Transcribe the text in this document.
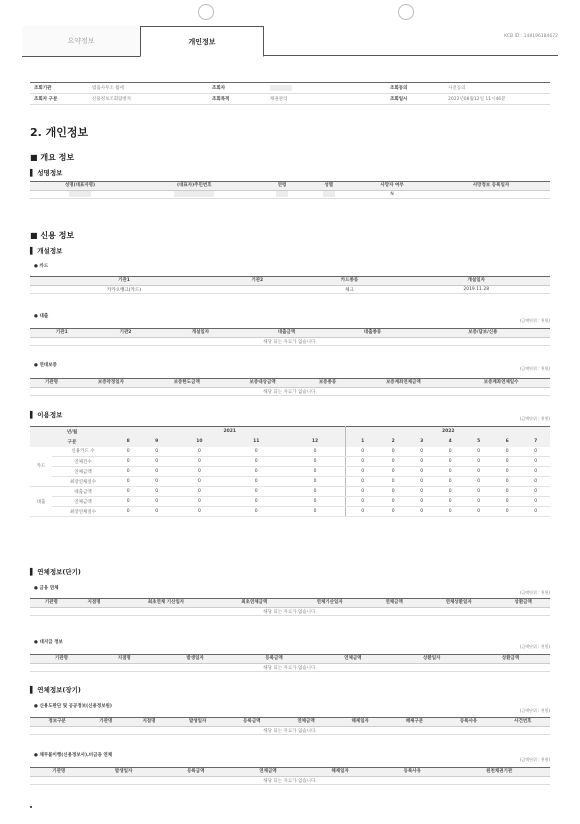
요약정보	개인정보
KCB ID : 148196184672
조회기관	법률사무소 월애	조회자		조회동의	사전동의
조회자 구분	신용정보조회탐방자	조회목적	채권관리	조회일시	2022년08월12일 11시46분
2. 개인정보
■ 개요 정보
▌ 성명정보
성명(대표자명)	(대표자)주민번호	연령	성별	사망자 여부	사망정보 등록일자
				N	
■ 신용 정보
▌ 개설정보
● 카드
기관1	기관2	카드종류	개설일자
카카오뱅크(카드)		체크	2019.11.28
● 대출
(금액단위 : 천원)
기관1	기관2	개설일자	대출금액	대출종류	보증/담보/신용
해당 되는 자료가 없습니다.
● 연대보증
(금액단위 : 천원)
기관명	보증약정일자	보증한도금액	보증대상금액	보증종류	보증계좌연체금액	보증계좌연체일수
해당 되는 자료가 없습니다.
▌ 이용정보	(금액단위 : 천원)
년/월		2021					2022						
구분		8	9	10	11	12	1	2	3	4	5	6	7
카드	신용카드 수	0	0	0	0	0	0	0	0	0	0	0	0
	연체건수	0	0	0	0	0	0	0	0	0	0	0	0
	연체금액	0	0	0	0	0	0	0	0	0	0	0	0
	최장연체일수	0	0	0	0	0	0	0	0	0	0	0	0
대출	대출금액	0	0	0	0	0	0	0	0	0	0	0	0
	연체금액	0	0	0	0	0	0	0	0	0	0	0	0
	최장연체일수	0	0	0	0	0	0	0	0	0	0	0	0
▌ 연체정보(단기)
● 금융 연체
(금액단위 : 천원)
기관명	지점명	최초연체 기산일자	최초연체금액	연체기산일자	연체금액	연체상환일자	상환금액
해당 되는 자료가 없습니다.
● 대지급 정보
(금액단위 : 천원)
기관명	지점명	발생일자	등록금액	연체금액	상환일자	상환금액
해당 되는 자료가 없습니다.
▌ 연체정보(장기)
● 신용도판단 및 공공정보(신용정보원)
(금액단위 : 천원)
정보구분	기관명	지점명	발생일자	등록금액	연체금액	해제일자	해제구분	등록사유	사건번호
해당 되는 자료가 없습니다.
● 채무불이행(신용정보사),비금융 연체
(금액단위 : 천원)
기관명	발생일자	등록금액	연체금액	해제일자	등록사유	원천채권기관
해당 되는 자료가 없습니다.
